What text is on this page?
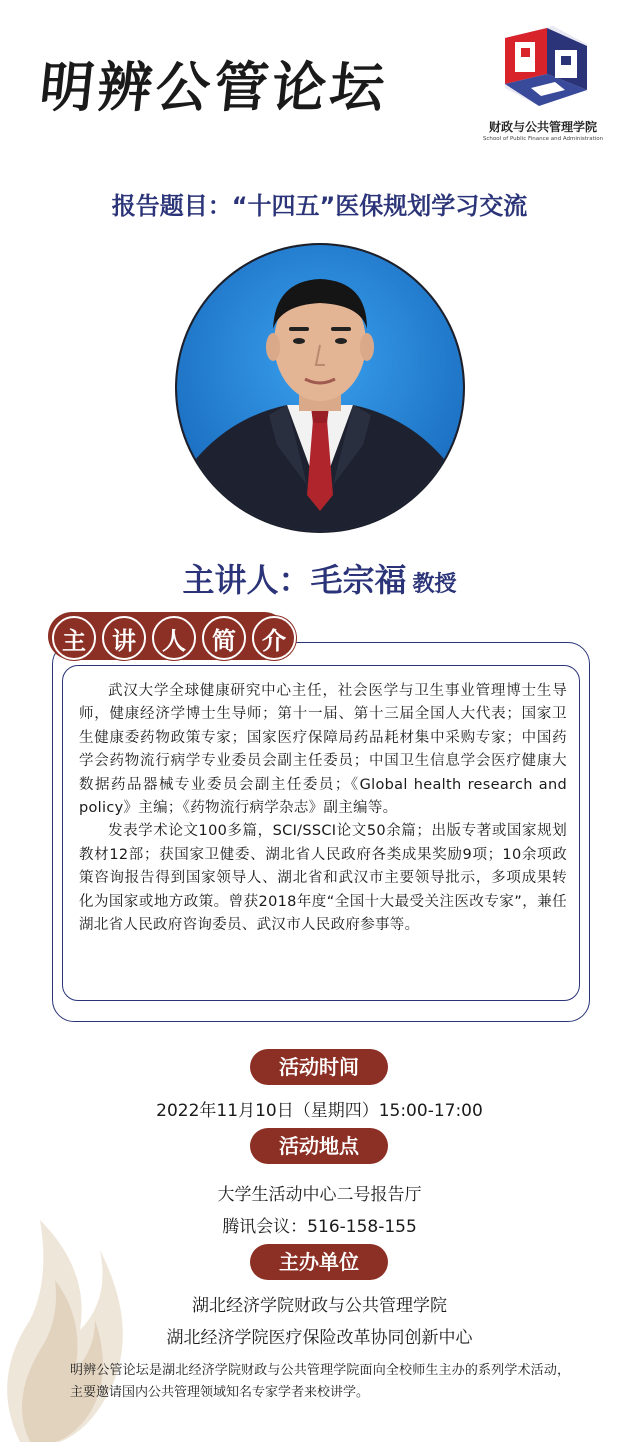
明辨公管论坛
财政与公共管理学院
School of Public Finance and Administration
报告题目：“十四五”医保规划学习交流
主讲人：毛宗福 教授

武汉大学全球健康研究中心主任，社会医学与卫生事业管理博士生导师，健康经济学博士生导师；第十一届、第十三届全国人大代表；国家卫生健康委药物政策专家；国家医疗保障局药品耗材集中采购专家；中国药学会药物流行病学专业委员会副主任委员；中国卫生信息学会医疗健康大数据药品器械专业委员会副主任委员；《Global health research and policy》主编；《药物流行病学杂志》副主编等。

发表学术论文100多篇，SCI/SSCI论文50余篇；出版专著或国家规划教材12部；获国家卫健委、湖北省人民政府各类成果奖励9项；10余项政策咨询报告得到国家领导人、湖北省和武汉市主要领导批示，多项成果转化为国家或地方政策。曾获2018年度“全国十大最受关注医改专家”，兼任湖北省人民政府咨询委员、武汉市人民政府参事等。

主	讲	人	简	介
活动时间
2022年11月10日（星期四）15:00-17:00
活动地点
大学生活动中心二号报告厅
腾讯会议：516-158-155
主办单位
湖北经济学院财政与公共管理学院
湖北经济学院医疗保险改革协同创新中心
明辨公管论坛是湖北经济学院财政与公共管理学院面向全校师生主办的系列学术活动，主要邀请国内公共管理领域知名专家学者来校讲学。
